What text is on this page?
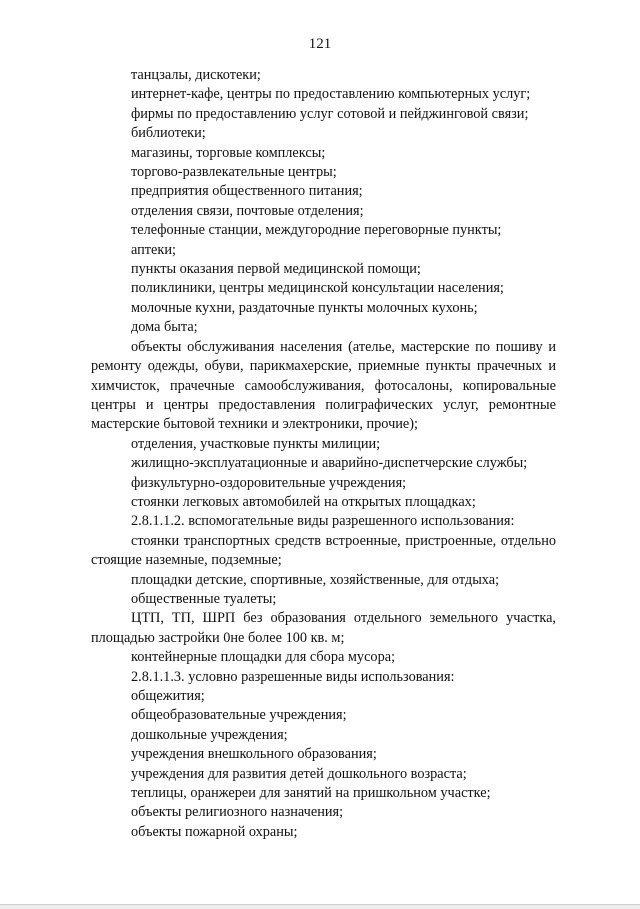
121

танцзалы, дискотеки;

интернет-кафе, центры по предоставлению компьютерных услуг;

фирмы по предоставлению услуг сотовой и пейджинговой связи;

библиотеки;

магазины, торговые комплексы;

торгово-развлекательные центры;

предприятия общественного питания;

отделения связи, почтовые отделения;

телефонные станции, междугородние переговорные пункты;

аптеки;

пункты оказания первой медицинской помощи;

поликлиники, центры медицинской консультации населения;

молочные кухни, раздаточные пункты молочных кухонь;

дома быта;

объекты обслуживания населения (ателье, мастерские по пошиву и ремонту одежды, обуви, парикмахерские, приемные пункты прачечных и химчисток, прачечные самообслуживания, фотосалоны, копировальные центры и центры предоставления полиграфических услуг, ремонтные мастерские бытовой техники и электроники, прочие);

отделения, участковые пункты милиции;

жилищно-эксплуатационные и аварийно-диспетчерские службы;

физкультурно-оздоровительные учреждения;

стоянки легковых автомобилей на открытых площадках;

2.8.1.1.2. вспомогательные виды разрешенного использования:

стоянки транспортных средств встроенные, пристроенные, отдельно стоящие наземные, подземные;

площадки детские, спортивные, хозяйственные, для отдыха;

общественные туалеты;

ЦТП, ТП, ШРП без образования отдельного земельного участка, площадью застройки 0не более 100 кв. м;

контейнерные площадки для сбора мусора;

2.8.1.1.3. условно разрешенные виды использования:

общежития;

общеобразовательные учреждения;

дошкольные учреждения;

учреждения внешкольного образования;

учреждения для развития детей дошкольного возраста;

теплицы, оранжереи для занятий на пришкольном участке;

объекты религиозного назначения;

объекты пожарной охраны;
